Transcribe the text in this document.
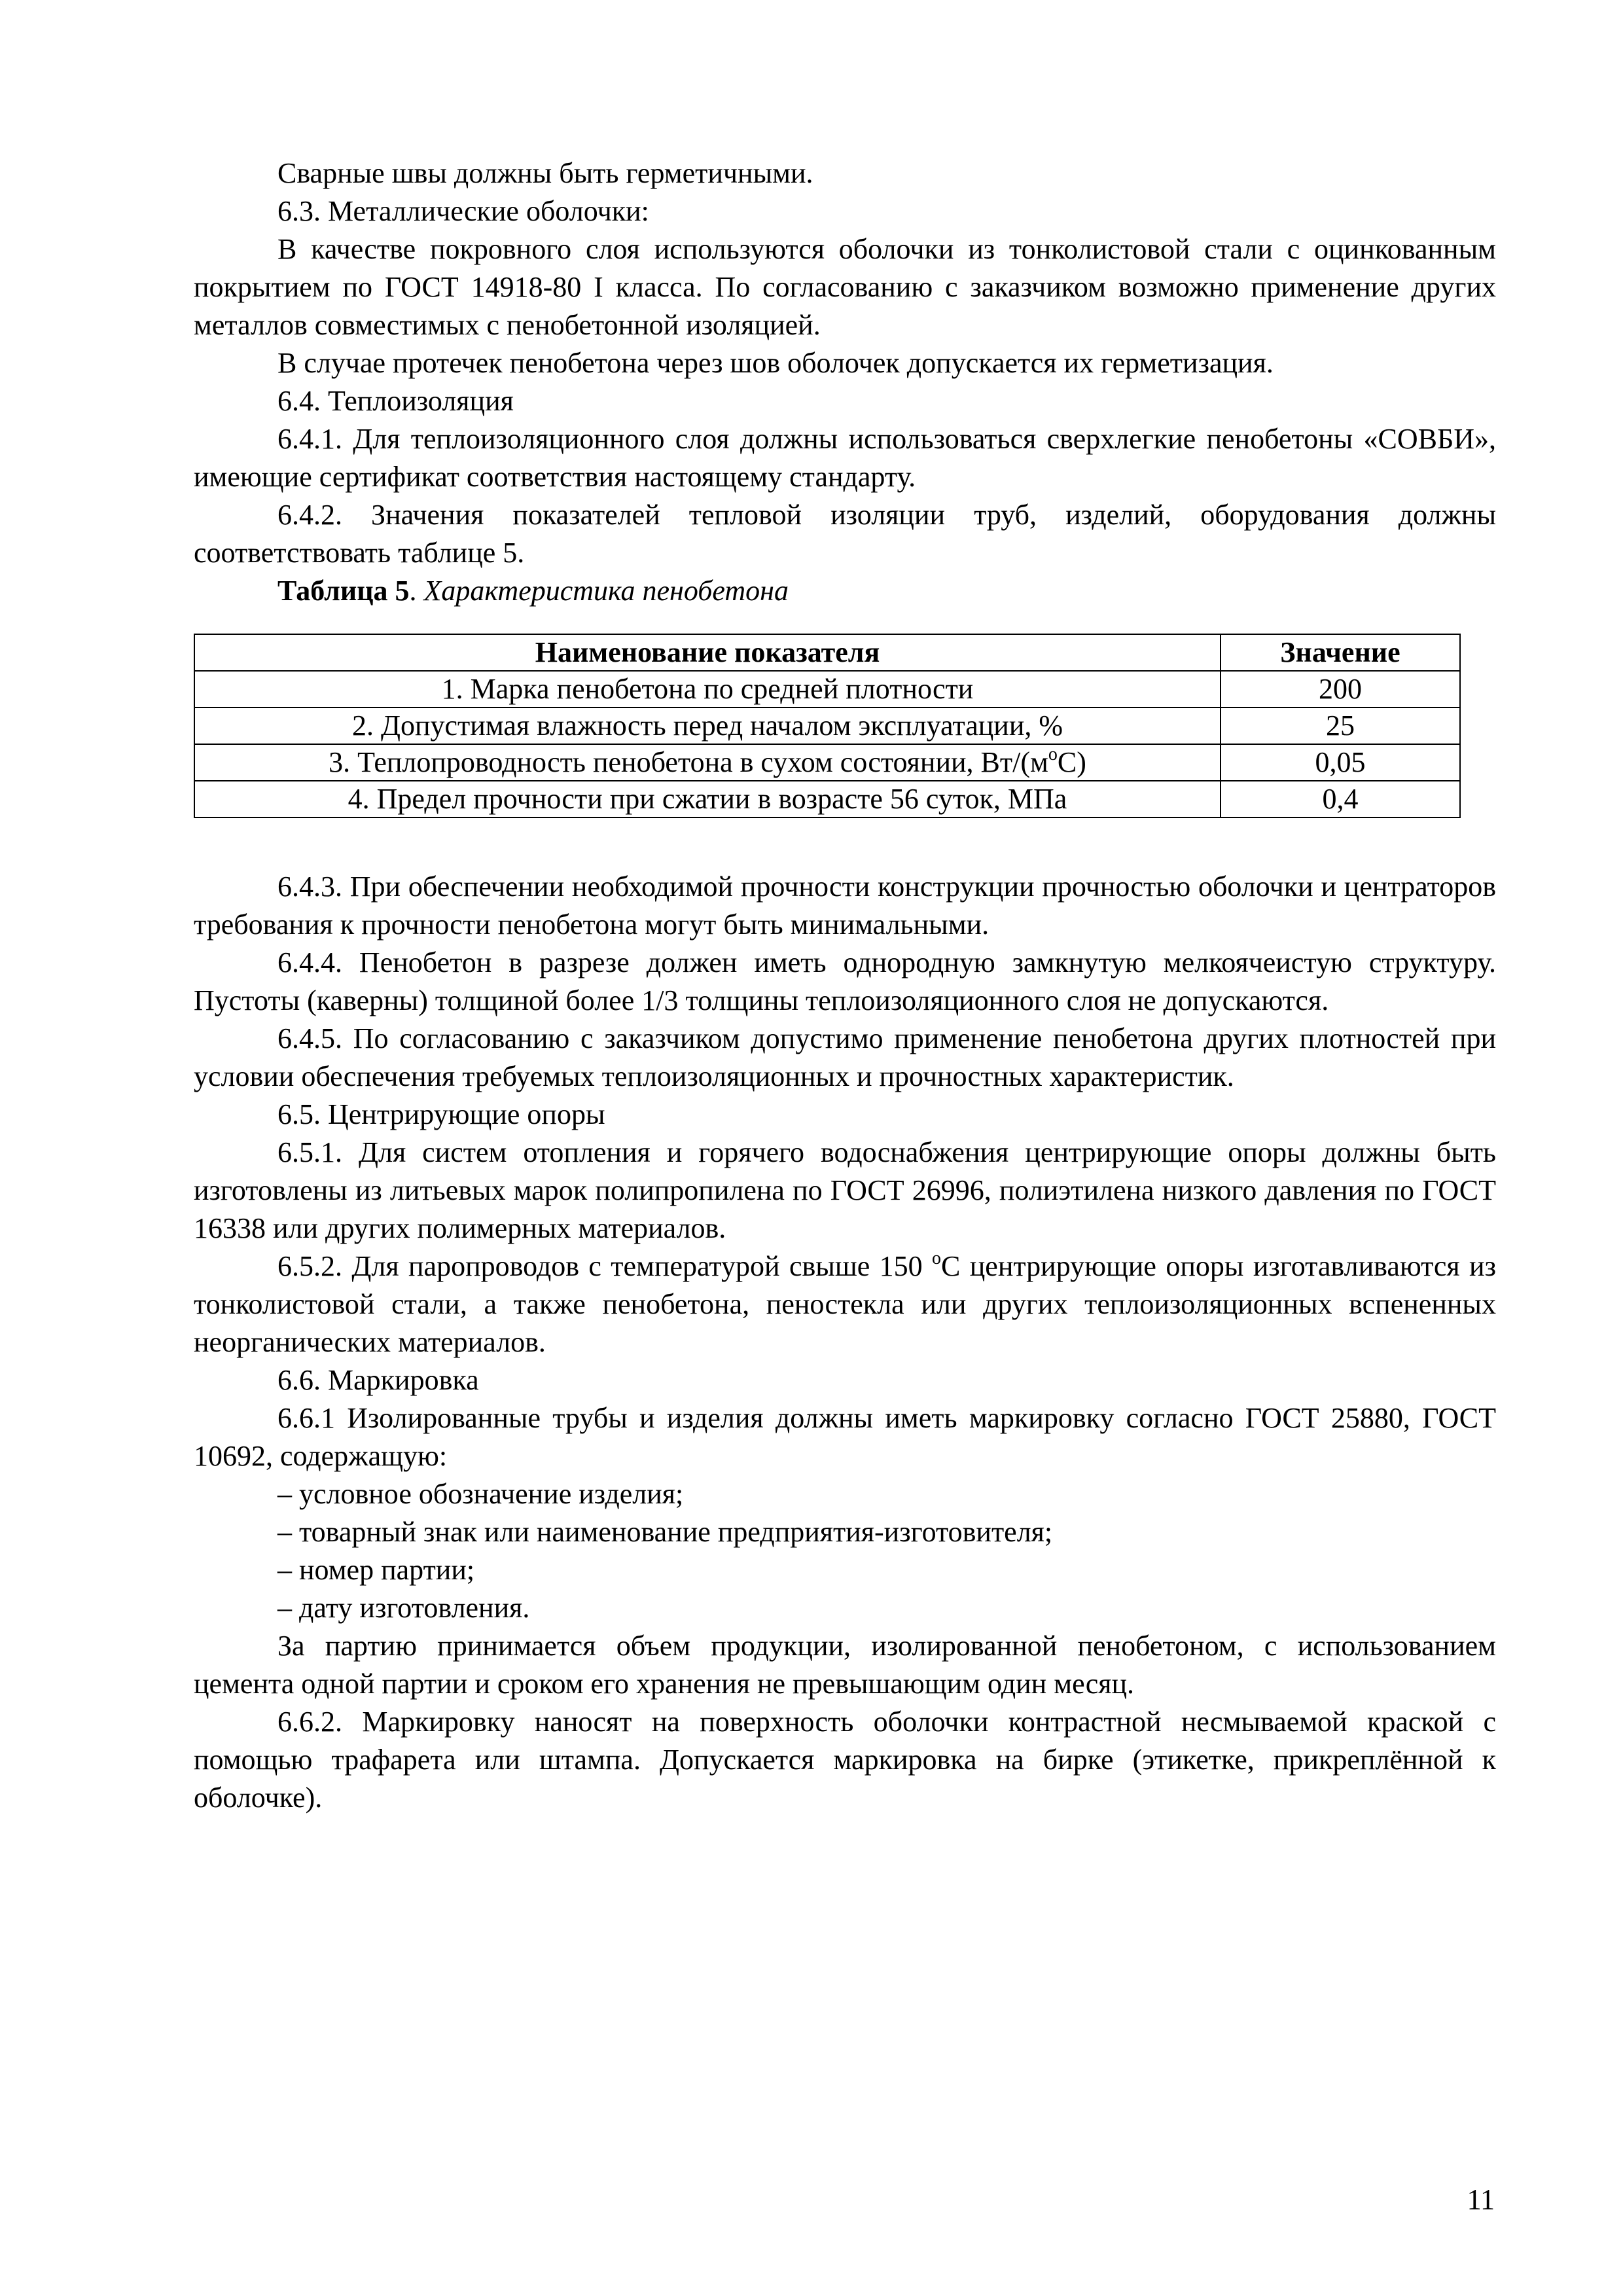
Сварные швы должны быть герметичными.

6.3. Металлические оболочки:

В качестве покровного слоя используются оболочки из тонколистовой стали с оцинкованным покрытием по ГОСТ 14918-80 I класса. По согласованию с заказчиком возможно применение других металлов совместимых с пенобетонной изоляцией.

В случае протечек пенобетона через шов оболочек допускается их герметизация.

6.4. Теплоизоляция

6.4.1. Для теплоизоляционного слоя должны использоваться сверхлегкие пенобетоны «СОВБИ», имеющие сертификат соответствия настоящему стандарту.

6.4.2. Значения показателей тепловой изоляции труб, изделий, оборудования должны соответствовать таблице 5.

Таблица 5. Характеристика пенобетона

Наименование показателя	Значение
1. Марка пенобетона по средней плотности	200
2. Допустимая влажность перед началом эксплуатации, %	25
3. Теплопроводность пенобетона в сухом состоянии, $Вт/(м^оС)$	0,05
4. Предел прочности при сжатии в возрасте 56 суток, МПа	0,4

6.4.3. При обеспечении необходимой прочности конструкции прочностью оболочки и центраторов требования к прочности пенобетона могут быть минимальными.

6.4.4. Пенобетон в разрезе должен иметь однородную замкнутую мелкоячеистую структуру. Пустоты (каверны) толщиной более 1/3 толщины теплоизоляционного слоя не допускаются.

6.4.5. По согласованию с заказчиком допустимо применение пенобетона других плотностей при условии обеспечения требуемых теплоизоляционных и прочностных характеристик.

6.5. Центрирующие опоры

6.5.1. Для систем отопления и горячего водоснабжения центрирующие опоры должны быть изготовлены из литьевых марок полипропилена по ГОСТ 26996, полиэтилена низкого давления по ГОСТ 16338 или других полимерных материалов.

6.5.2. Для паропроводов с температурой свыше 150 $^о$С центрирующие опоры изготавливаются из тонколистовой стали, а также пенобетона, пеностекла или других теплоизоляционных вспененных неорганических материалов.

6.6. Маркировка

6.6.1 Изолированные трубы и изделия должны иметь маркировку согласно ГОСТ 25880, ГОСТ 10692, содержащую:

– условное обозначение изделия;

– товарный знак или наименование предприятия-изготовителя;

– номер партии;

– дату изготовления.

За партию принимается объем продукции, изолированной пенобетоном, с использованием цемента одной партии и сроком его хранения не превышающим один месяц.

6.6.2. Маркировку наносят на поверхность оболочки контрастной несмываемой краской с помощью трафарета или штампа. Допускается маркировка на бирке (этикетке, прикреплённой к оболочке).

11
